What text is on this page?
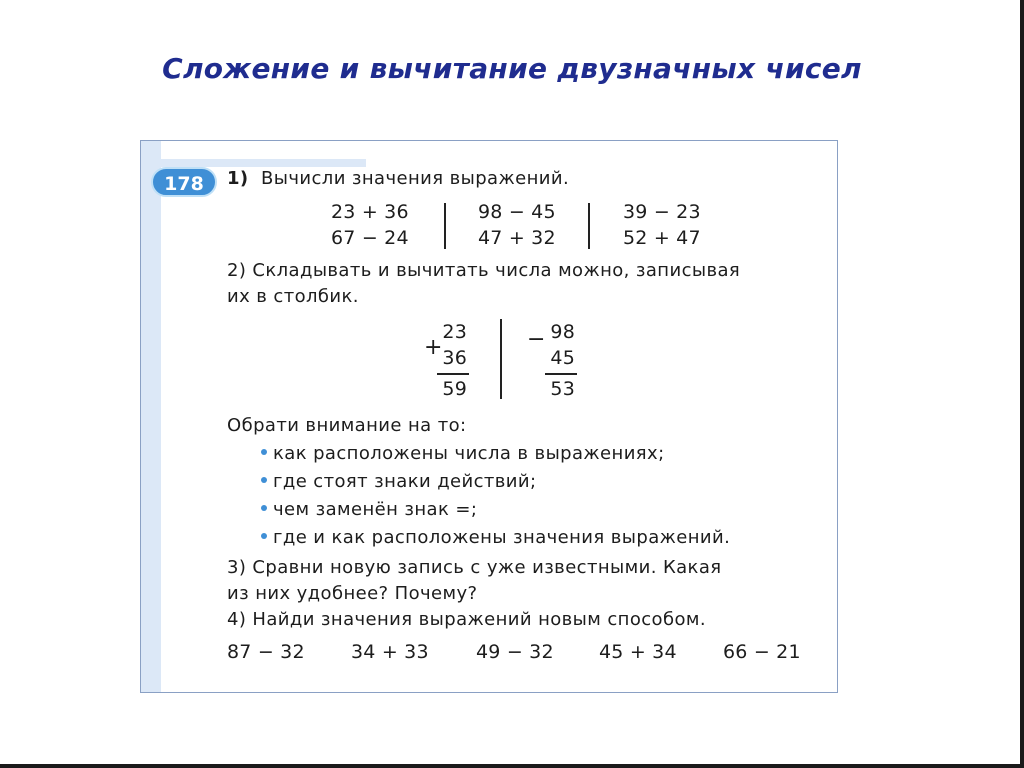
Сложение и вычитание двузначных чисел
178	1) Вычисли значения выражений.
23 + 36
67 − 24
98 − 45
47 + 32
39 − 23
52 + 47
2) Складывать и вычитать числа можно, записывая
их в столбик.
+
23
36
59
− 98
45
53
Обрати внимание на то:
как расположены числа в выражениях;
где стоят знаки действий;
чем заменён знак =;
где и как расположены значения выражений.
3) Сравни новую запись с уже известными. Какая
из них удобнее? Почему?
4) Найди значения выражений новым способом.
87 − 32 34 + 33 49 − 32 45 + 34 66 − 21
